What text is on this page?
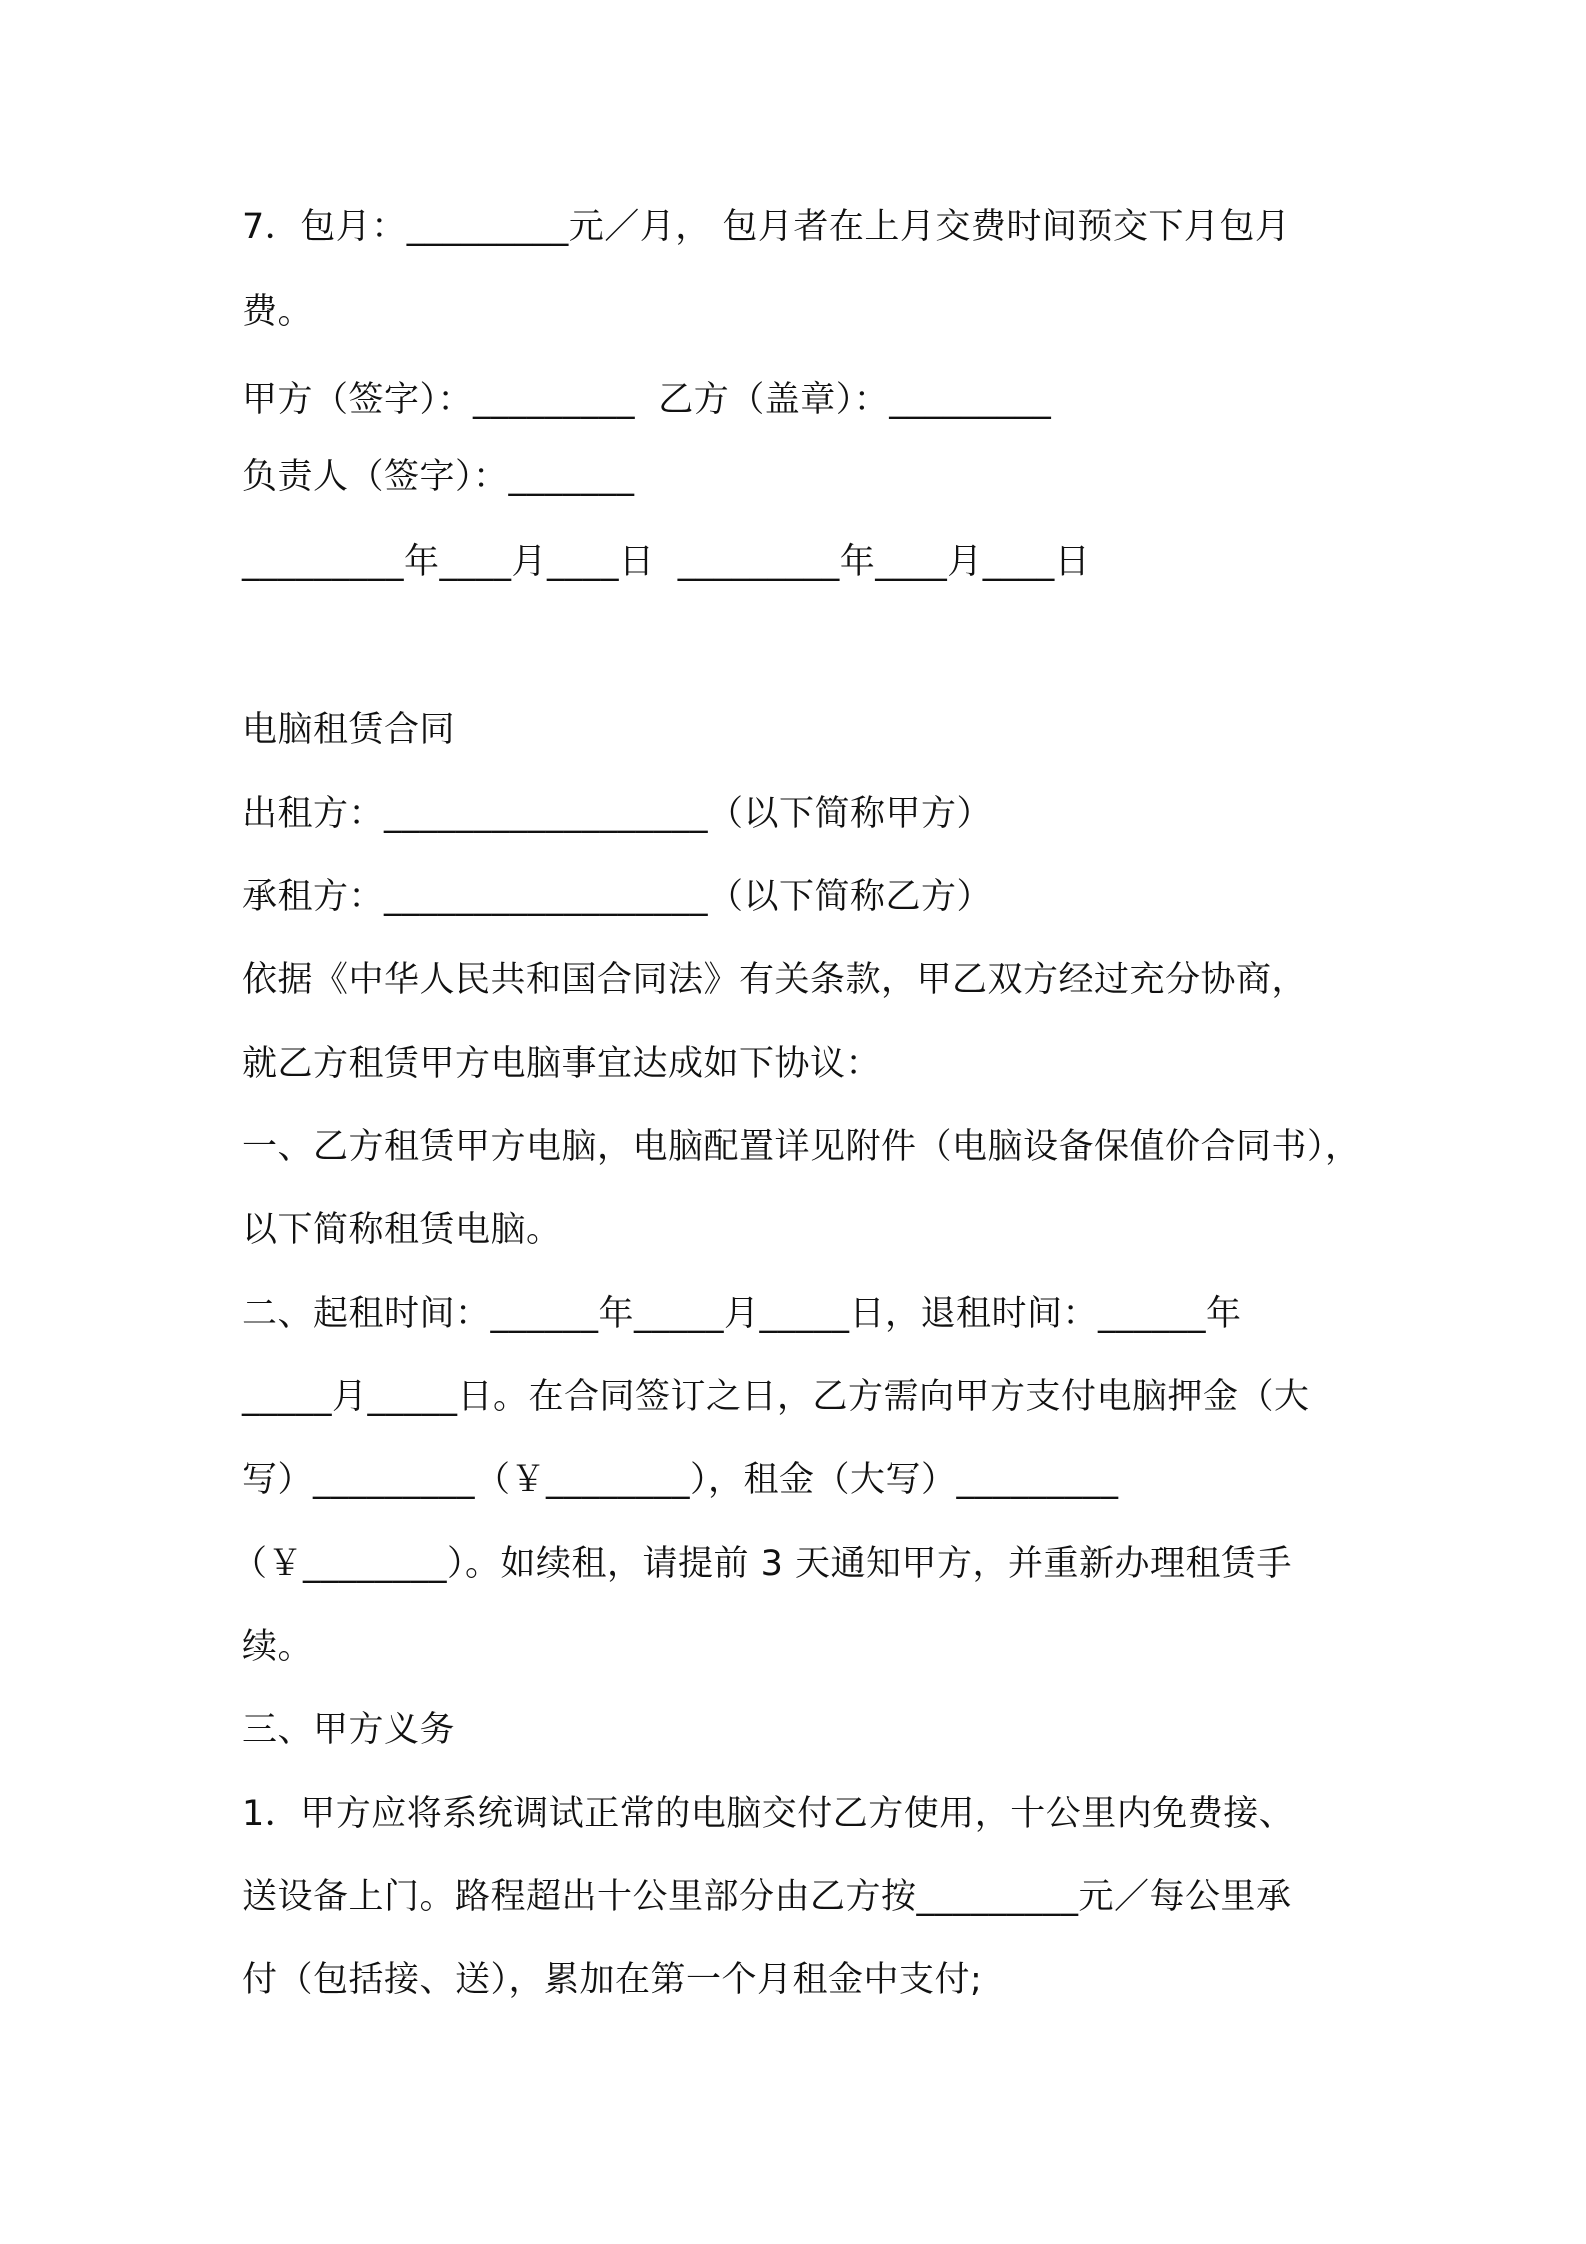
7．包月：_________元／月， 包月者在上月交费时间预交下月包月
费。
甲方（签字）：_________  乙方（盖章）：_________
负责人（签字）：_______
_________年____月____日  _________年____月____日
电脑租赁合同
出租方：__________________（以下简称甲方）
承租方：__________________（以下简称乙方）
依据《中华人民共和国合同法》有关条款，甲乙双方经过充分协商，
就乙方租赁甲方电脑事宜达成如下协议：
一、乙方租赁甲方电脑，电脑配置详见附件（电脑设备保值价合同书），
以下简称租赁电脑。
二、起租时间：______年_____月_____日，退租时间：______年
_____月_____日。在合同签订之日，乙方需向甲方支付电脑押金（大
写）_________（￥________），租金（大写）_________
（￥________）。如续租，请提前 3 天通知甲方，并重新办理租赁手
续。
三、甲方义务
1．甲方应将系统调试正常的电脑交付乙方使用，十公里内免费接、
送设备上门。路程超出十公里部分由乙方按_________元／每公里承
付（包括接、送），累加在第一个月租金中支付;
